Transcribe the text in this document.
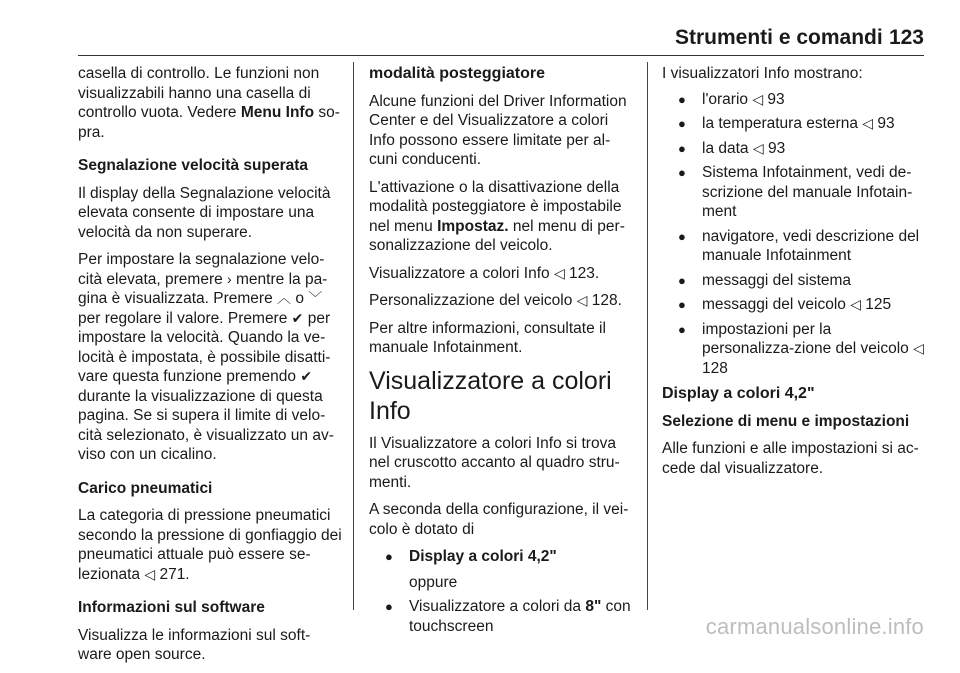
Strumenti e comandi 123

casella di controllo. Le funzioni non visualizzabili hanno una casella di controllo vuota. Vedere Menu Info so-pra.

Segnalazione velocità superata

Il display della Segnalazione velocità elevata consente di impostare una velocità da non superare.

Per impostare la segnalazione velo-cità elevata, premere › mentre la pa-gina è visualizzata. Premere ︿ o ﹀ per regolare il valore. Premere ✔ per impostare la velocità. Quando la ve-locità è impostata, è possibile disatti-vare questa funzione premendo ✔ durante la visualizzazione di questa pagina. Se si supera il limite di velo-cità selezionato, è visualizzato un av-viso con un cicalino.

Carico pneumatici

La categoria di pressione pneumatici secondo la pressione di gonfiaggio dei pneumatici attuale può essere se-lezionata ◁ 271.

Informazioni sul software

Visualizza le informazioni sul soft-ware open source.

modalità posteggiatore

Alcune funzioni del Driver Information Center e del Visualizzatore a colori Info possono essere limitate per al-cuni conducenti.

L'attivazione o la disattivazione della modalità posteggiatore è impostabile nel menu Impostaz. nel menu di per-sonalizzazione del veicolo.

Visualizzatore a colori Info ◁ 123.

Personalizzazione del veicolo ◁ 128.

Per altre informazioni, consultate il manuale Infotainment.

Visualizzatore a colori Info

Il Visualizzatore a colori Info si trova nel cruscotto accanto al quadro stru-menti.

A seconda della configurazione, il vei-colo è dotato di

● Display a colori 4,2"
oppure
● Visualizzatore a colori da 8" con touchscreen

I visualizzatori Info mostrano:

● l'orario ◁ 93
● la temperatura esterna ◁ 93
● la data ◁ 93
● Sistema Infotainment, vedi de-scrizione del manuale Infotain-ment
● navigatore, vedi descrizione del manuale Infotainment
● messaggi del sistema
● messaggi del veicolo ◁ 125
● impostazioni per la personalizza-zione del veicolo ◁ 128

Display a colori 4,2"

Selezione di menu e impostazioni

Alle funzioni e alle impostazioni si ac-cede dal visualizzatore.

carmanualsonline.info
